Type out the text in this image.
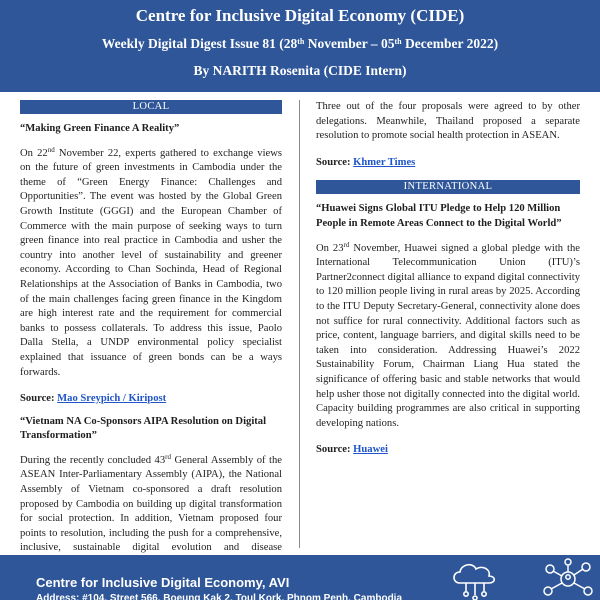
Centre for Inclusive Digital Economy (CIDE)
Weekly Digital Digest Issue 81 (28th November – 05th December 2022)
By NARITH Rosenita (CIDE Intern)
LOCAL
“Making Green Finance A Reality”

On 22nd November 22, experts gathered to exchange views on the future of green investments in Cambodia under the theme of “Green Energy Finance: Challenges and Opportunities”. The event was hosted by the Global Green Growth Institute (GGGI) and the European Chamber of Commerce with the main purpose of seeking ways to turn green finance into real practice in Cambodia and usher the country into another level of sustainability and greener economy. According to Chan Sochinda, Head of Regional Relationships at the Association of Banks in Cambodia, two of the main challenges facing green finance in the Kingdom are high interest rate and the requirement for commercial banks to possess collaterals. To address this issue, Paolo Dalla Stella, a UNDP environmental policy specialist explained that issuance of green bonds can be a ways forwards.

Source: Mao Sreypich / Kiripost
“Vietnam NA Co-Sponsors AIPA Resolution on Digital Transformation”

During the recently concluded 43rd General Assembly of the ASEAN Inter-Parliamentary Assembly (AIPA), the National Assembly of Vietnam co-sponsored a draft resolution proposed by Cambodia on building up digital transformation for social protection. In addition, Vietnam proposed four points to resolution, including the push for a comprehensive, inclusive, sustainable digital evolution and disease

Three out of the four proposals were agreed to by other delegations. Meanwhile, Thailand proposed a separate resolution to promote social health protection in ASEAN.

Source: Khmer Times
INTERNATIONAL
“Huawei Signs Global ITU Pledge to Help 120 Million People in Remote Areas Connect to the Digital World”

On 23rd November, Huawei signed a global pledge with the International Telecommunication Union (ITU)’s Partner2connect digital alliance to expand digital connectivity to 120 million people living in rural areas by 2025. According to the ITU Deputy Secretary-General, connectivity alone does not suffice for rural connectivity. Additional factors such as price, content, language barriers, and digital skills need to be taken into consideration. Addressing Huawei’s 2022 Sustainability Forum, Chairman Liang Hua stated the significance of offering basic and stable networks that would help usher those not digitally connected into the digital world. Capacity building programmes are also critical in supporting developing nations.

Source: Huawei
Centre for Inclusive Digital Economy, AVI
Address: #104, Street 566, Boeung Kak 2, Toul Kork, Phnom Penh, Cambodia
